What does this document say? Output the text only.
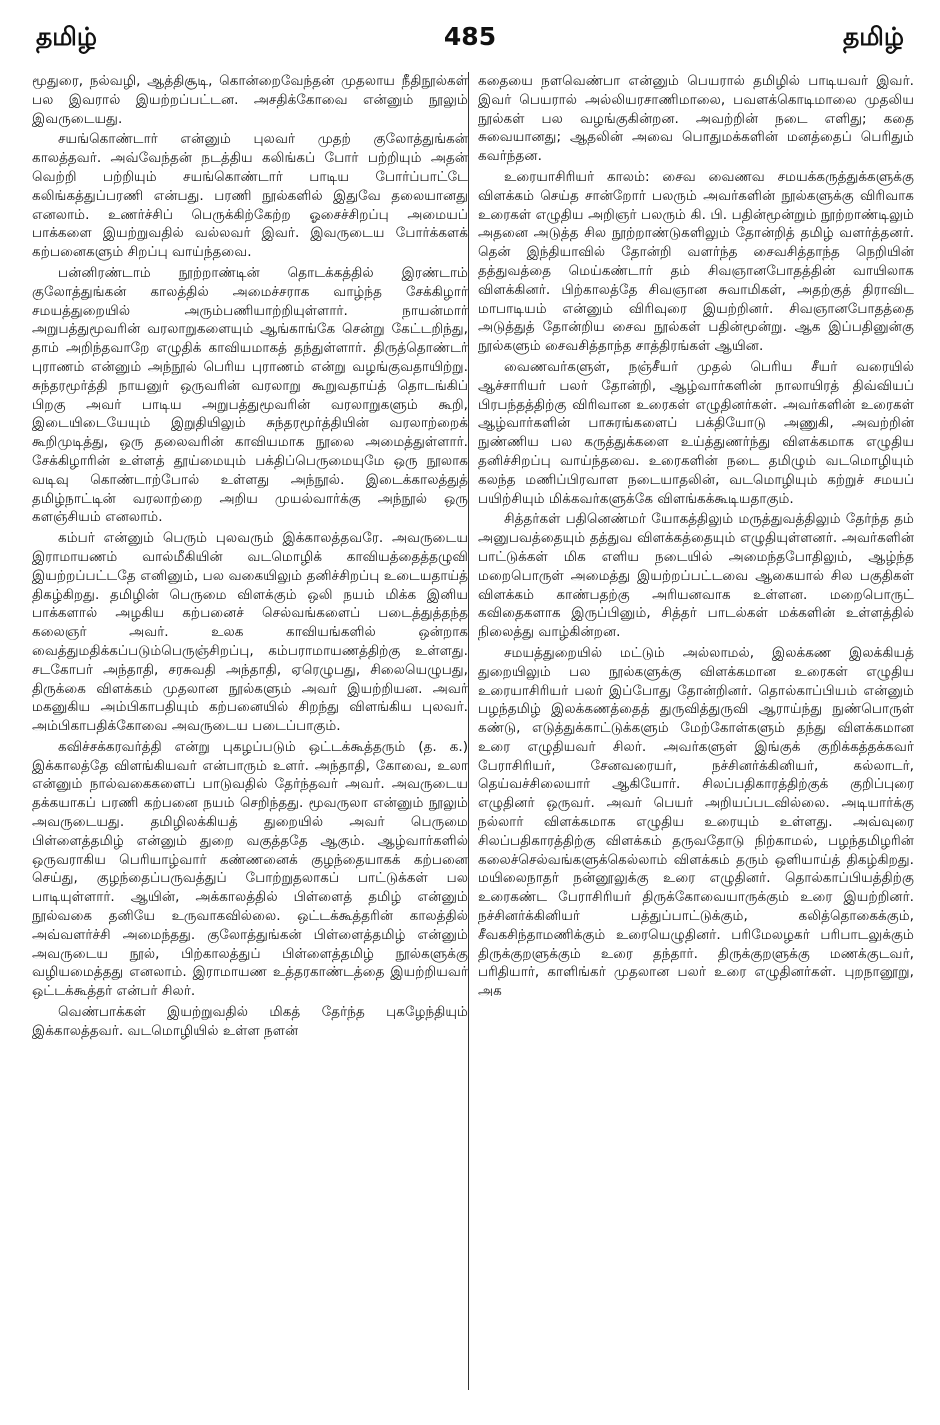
தமிழ்	485	தமிழ்

மூதுரை, நல்வழி, ஆத்திசூடி, கொன்றைவேந்தன் முதலாய நீதிநூல்கள் பல இவரால் இயற்றப்பட்டன. அசதிக்கோவை என்னும் நூலும் இவருடையது.

சயங்கொண்டார் என்னும் புலவர் முதற் குலோத்துங்கன் காலத்தவர். அவ்வேந்தன் நடத்திய கலிங்கப் போர் பற்றியும் அதன் வெற்றி பற்றியும் சயங்கொண்டார் பாடிய போர்ப்பாட்டே கலிங்கத்துப்பரணி என்பது. பரணி நூல்களில் இதுவே தலையானது எனலாம். உணர்ச்சிப் பெருக்கிற்கேற்ற ஓசைச்சிறப்பு அமையப் பாக்களை இயற்றுவதில் வல்லவர் இவர். இவருடைய போர்க்களக் கற்பனைகளும் சிறப்பு வாய்ந்தவை.

பன்னிரண்டாம் நூற்றாண்டின் தொடக்கத்தில் இரண்டாம் குலோத்துங்கன் காலத்தில் அமைச்சராக வாழ்ந்த சேக்கிழார் சமயத்துறையில் அரும்பணியாற்றியுள்ளார். நாயன்மார் அறுபத்துமூவரின் வரலாறுகளையும் ஆங்காங்கே சென்று கேட்டறிந்து, தாம் அறிந்தவாறே எழுதிக் காவியமாகத் தந்துள்ளார். திருத்தொண்டர் புராணம் என்னும் அந்நூல் பெரிய புராணம் என்று வழங்குவதாயிற்று. சுந்தரமூர்த்தி நாயனுர் ஒருவரின் வரலாறு கூறுவதாய்த் தொடங்கிப் பிறகு அவர் பாடிய அறுபத்துமூவரின் வரலாறுகளும் கூறி, இடையிடையேயும் இறுதியிலும் சுந்தரமூர்த்தியின் வரலாற்றைக் கூறிமுடித்து, ஒரு தலைவரின் காவியமாக நூலை அமைத்துள்ளார். சேக்கிழாரின் உள்ளத் தூய்மையும் பக்திப்பெருமையுமே ஒரு நூலாக வடிவு கொண்டாற்போல் உள்ளது அந்நூல். இடைக்காலத்துத் தமிழ்நாட்டின் வரலாற்றை அறிய முயல்வார்க்கு அந்நூல் ஒரு களஞ்சியம் எனலாம்.

கம்பர் என்னும் பெரும் புலவரும் இக்காலத்தவரே. அவருடைய இராமாயணம் வால்மீகியின் வடமொழிக் காவியத்தைத்தழுவி இயற்றப்பட்டதே எனினும், பல வகையிலும் தனிச்சிறப்பு உடையதாய்த் திகழ்கிறது. தமிழின் பெருமை விளக்கும் ஒலி நயம் மிக்க இனிய பாக்களால் அழகிய கற்பனைச் செல்வங்களைப் படைத்துத்தந்த கலைஞர் அவர். உலக காவியங்களில் ஒன்றாக வைத்துமதிக்கப்படும்பெருஞ்சிறப்பு, கம்பராமாயணத்திற்கு உள்ளது. சடகோபர் அந்தாதி, சரசுவதி அந்தாதி, ஏரெழுபது, சிலையெழுபது, திருக்கை விளக்கம் முதலான நூல்களும் அவர் இயற்றியன. அவர் மகனுகிய அம்பிகாபதியும் கற்பனையில் சிறந்து விளங்கிய புலவர். அம்பிகாபதிக்கோவை அவருடைய படைப்பாகும்.

கவிச்சக்கரவர்த்தி என்று புகழப்படும் ஒட்டக்கூத்தரும் (த. க.) இக்காலத்தே விளங்கியவர் என்பாரும் உளர். அந்தாதி, கோவை, உலா என்னும் நால்வகைகளைப் பாடுவதில் தேர்ந்தவர் அவர். அவருடைய தக்கயாகப் பரணி கற்பனை நயம் செறிந்தது. மூவருலா என்னும் நூலும் அவருடையது. தமிழிலக்கியத் துறையில் அவர் பெருமை பிள்ளைத்தமிழ் என்னும் துறை வகுத்ததே ஆகும். ஆழ்வார்களில் ஒருவராகிய பெரியாழ்வார் கண்ணனைக் குழந்தையாகக் கற்பனை செய்து, குழந்தைப்பருவத்துப் போற்றுதலாகப் பாட்டுக்கள் பல பாடியுள்ளார். ஆயின், அக்காலத்தில் பிள்ளைத் தமிழ் என்னும் நூல்வகை தனியே உருவாகவில்லை. ஒட்டக்கூத்தரின் காலத்தில் அவ்வளர்ச்சி அமைந்தது. குலோத்துங்கன் பிள்ளைத்தமிழ் என்னும் அவருடைய நூல், பிற்காலத்துப் பிள்ளைத்தமிழ் நூல்களுக்கு வழியமைத்தது எனலாம். இராமாயண உத்தரகாண்டத்தை இயற்றியவர் ஒட்டக்கூத்தர் என்பர் சிலர்.

வெண்பாக்கள் இயற்றுவதில் மிகத் தேர்ந்த புகழேந்தியும் இக்காலத்தவர். வடமொழியில் உள்ள நளன்

கதையை நளவெண்பா என்னும் பெயரால் தமிழில் பாடியவர் இவர். இவர் பெயரால் அல்லியரசாணிமாலை, பவளக்கொடிமாலை முதலிய நூல்கள் பல வழங்குகின்றன. அவற்றின் நடை எளிது; கதை சுவையானது; ஆதலின் அவை பொதுமக்களின் மனத்தைப் பெரிதும் கவர்ந்தன.

உரையாசிரியர் காலம்: சைவ வைணவ சமயக்கருத்துக்களுக்கு விளக்கம் செய்த சான்றோர் பலரும் அவர்களின் நூல்களுக்கு விரிவாக உரைகள் எழுதிய அறிஞர் பலரும் கி. பி. பதின்மூன்றும் நூற்றாண்டிலும் அதனை அடுத்த சில நூற்றாண்டுகளிலும் தோன்றித் தமிழ் வளர்த்தனர். தென் இந்தியாவில் தோன்றி வளர்ந்த சைவசித்தாந்த நெறியின் தத்துவத்தை மெய்கண்டார் தம் சிவஞானபோதத்தின் வாயிலாக விளக்கினர். பிற்காலத்தே சிவஞான சுவாமிகள், அதற்குத் திராவிட மாபாடியம் என்னும் விரிவுரை இயற்றினர். சிவஞானபோதத்தை அடுத்துத் தோன்றிய சைவ நூல்கள் பதின்மூன்று. ஆக இப்பதினுன்கு நூல்களும் சைவசித்தாந்த சாத்திரங்கள் ஆயின.

வைணவர்களுள், நஞ்சீயர் முதல் பெரிய சீயர் வரையில் ஆச்சாரியர் பலர் தோன்றி, ஆழ்வார்களின் நாலாயிரத் திவ்வியப் பிரபந்தத்திற்கு விரிவான உரைகள் எழுதினர்கள். அவர்களின் உரைகள் ஆழ்வார்களின் பாசுரங்களைப் பக்தியோடு அணுகி, அவற்றின் நுண்ணிய பல கருத்துக்களை உய்த்துணர்ந்து விளக்கமாக எழுதிய தனிச்சிறப்பு வாய்ந்தவை. உரைகளின் நடை தமிழும் வடமொழியும் கலந்த மணிப்பிரவாள நடையாதலின், வடமொழியும் கற்றுச் சமயப் பயிற்சியும் மிக்கவர்களுக்கே விளங்கக்கூடியதாகும்.

சித்தர்கள் பதினெண்மர் யோகத்திலும் மருத்துவத்திலும் தேர்ந்த தம் அனுபவத்தையும் தத்துவ விளக்கத்தையும் எழுதியுள்ளனர். அவர்களின் பாட்டுக்கள் மிக எளிய நடையில் அமைந்தபோதிலும், ஆழ்ந்த மறைபொருள் அமைத்து இயற்றப்பட்டவை ஆகையால் சில பகுதிகள் விளக்கம் காண்பதற்கு அரியனவாக உள்ளன. மறைபொருட் கவிதைகளாக இருப்பினும், சித்தர் பாடல்கள் மக்களின் உள்ளத்தில் நிலைத்து வாழ்கின்றன.

சமயத்துறையில் மட்டும் அல்லாமல், இலக்கண இலக்கியத் துறையிலும் பல நூல்களுக்கு விளக்கமான உரைகள் எழுதிய உரையாசிரியர் பலர் இப்போது தோன்றினர். தொல்காப்பியம் என்னும் பழந்தமிழ் இலக்கணத்தைத் துருவித்துருவி ஆராய்ந்து நுண்பொருள் கண்டு, எடுத்துக்காட்டுக்களும் மேற்கோள்களும் தந்து விளக்கமான உரை எழுதியவர் சிலர். அவர்களுள் இங்குக் குறிக்கத்தக்கவர் பேராசிரியர், சேனவரையர், நச்சினர்க்கினியர், கல்லாடர், தெய்வச்சிலையார் ஆகியோர். சிலப்பதிகாரத்திற்குக் குறிப்புரை எழுதினர் ஒருவர். அவர் பெயர் அறியப்படவில்லை. அடியார்க்கு நல்லார் விளக்கமாக எழுதிய உரையும் உள்ளது. அவ்வுரை சிலப்பதிகாரத்திற்கு விளக்கம் தருவதோடு நிற்காமல், பழந்தமிழரின் கலைச்செல்வங்களுக்கெல்லாம் விளக்கம் தரும் ஒளியாய்த் திகழ்கிறது. மயிலைநாதர் நன்னூலுக்கு உரை எழுதினர். தொல்காப்பியத்திற்கு உரைகண்ட பேராசிரியர் திருக்கோவையாருக்கும் உரை இயற்றினர். நச்சினர்க்கினியர் பத்துப்பாட்டுக்கும், கலித்தொகைக்கும், சீவகசிந்தாமணிக்கும் உரையெழுதினர். பரிமேலழகர் பரிபாடலுக்கும் திருக்குறளுக்கும் உரை தந்தார். திருக்குறளுக்கு மணக்குடவர், பரிதியார், காளிங்கர் முதலான பலர் உரை எழுதினர்கள். புறநானூறு, அக
